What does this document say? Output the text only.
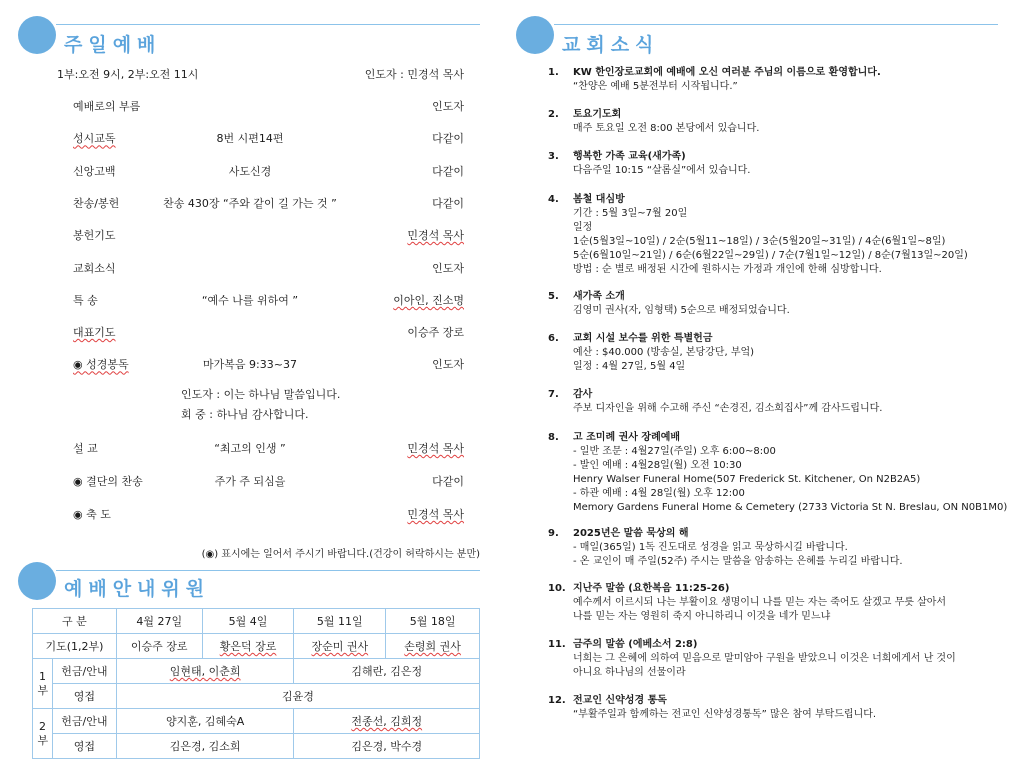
주일예배
1부:오전 9시, 2부:오전 11시	인도자 : 민경석 목사
예배로의 부름	인도자
성시교독	8번 시편14편	다같이
신앙고백	사도신경	다같이
찬송/봉헌	찬송 430장 “주와 같이 길 가는 것 ”	다같이
봉헌기도	민경석 목사
교회소식	인도자
특 송	“예수 나를 위하여 ”	이아인, 진소명
대표기도	이승주 장로
◉ 성경봉독	마가복음 9:33~37	인도자
인도자 : 이는 하나님 말씀입니다.
회 중 : 하나님 감사합니다.
설 교	“최고의 인생 ”	민경석 목사
◉ 결단의 찬송	주가 주 되심을	다같이
◉ 축 도	민경석 목사
(◉) 표시에는 일어서 주시기 바랍니다.(건강이 허락하시는 분만)
예배안내위원
구 분		4월 27일	5월 4일	5월 11일	5월 18일
기도(1,2부)		이승주 장로	황은덕 장로	장순미 권사	손령희 권사
1부	헌금/안내	임현태, 이춘희		김해란, 김은정	
	영접	김윤경			
2부	헌금/안내	양지훈, 김혜숙A		전종선, 김희정	
	영접	김은경, 김소희		김은경, 박수경	
교회소식
1. KW 한인장로교회에 예배에 오신 여러분 주님의 이름으로 환영합니다.
“찬양은 예배 5분전부터 시작됩니다.”
2. 토요기도회
매주 토요일 오전 8:00 본당에서 있습니다.
3. 행복한 가족 교육(새가족)
다음주일 10:15 “살롬실”에서 있습니다.
4. 봄철 대심방
기간 : 5월 3일~7월 20일
일정
1순(5월3일~10일) / 2순(5월11~18일) / 3순(5월20일~31일) / 4순(6월1일~8일)
5순(6월10일~21일) / 6순(6월22일~29일) / 7순(7월1일~12일) / 8순(7월13일~20일)
방법 : 순 별로 배정된 시간에 원하시는 가정과 개인에 한해 심방합니다.
5. 새가족 소개
김영미 권사(자, 임형택) 5순으로 배정되었습니다.
6. 교회 시설 보수를 위한 특별헌금
예산 : $40.000 (방송실, 본당강단, 부엌)
일정 : 4월 27일, 5월 4일
7. 감사
주보 디자인을 위해 수고해 주신 “손경진, 김소희집사”께 감사드립니다.
8. 고 조미례 권사 장례예배
- 일반 조문 : 4월27일(주일) 오후 6:00~8:00
- 발인 예배 : 4월28일(월) 오전 10:30
Henry Walser Funeral Home(507 Frederick St. Kitchener, On N2B2A5)
- 하관 예배 : 4월 28일(월) 오후 12:00
Memory Gardens Funeral Home & Cemetery (2733 Victoria St N. Breslau, ON N0B1M0)
9. 2025년은 말씀 묵상의 해
- 매일(365일) 1독 진도대로 성경을 읽고 묵상하시길 바랍니다.
- 온 교인이 매 주일(52주) 주시는 말씀을 암송하는 은혜를 누리길 바랍니다.
10. 지난주 말씀 (요한복음 11:25-26)
예수께서 이르시되 나는 부활이요 생명이니 나를 믿는 자는 죽어도 살겠고 무릇 살아서
나를 믿는 자는 영원히 죽지 아니하리니 이것을 네가 믿느냐
11. 금주의 말씀 (에베소서 2:8)
너희는 그 은혜에 의하여 믿음으로 말미암아 구원을 받았으니 이것은 너희에게서 난 것이
아니요 하나님의 선물이라
12. 전교인 신약성경 통독
“부활주일과 함께하는 전교인 신약성경통독” 많은 참여 부탁드립니다.
